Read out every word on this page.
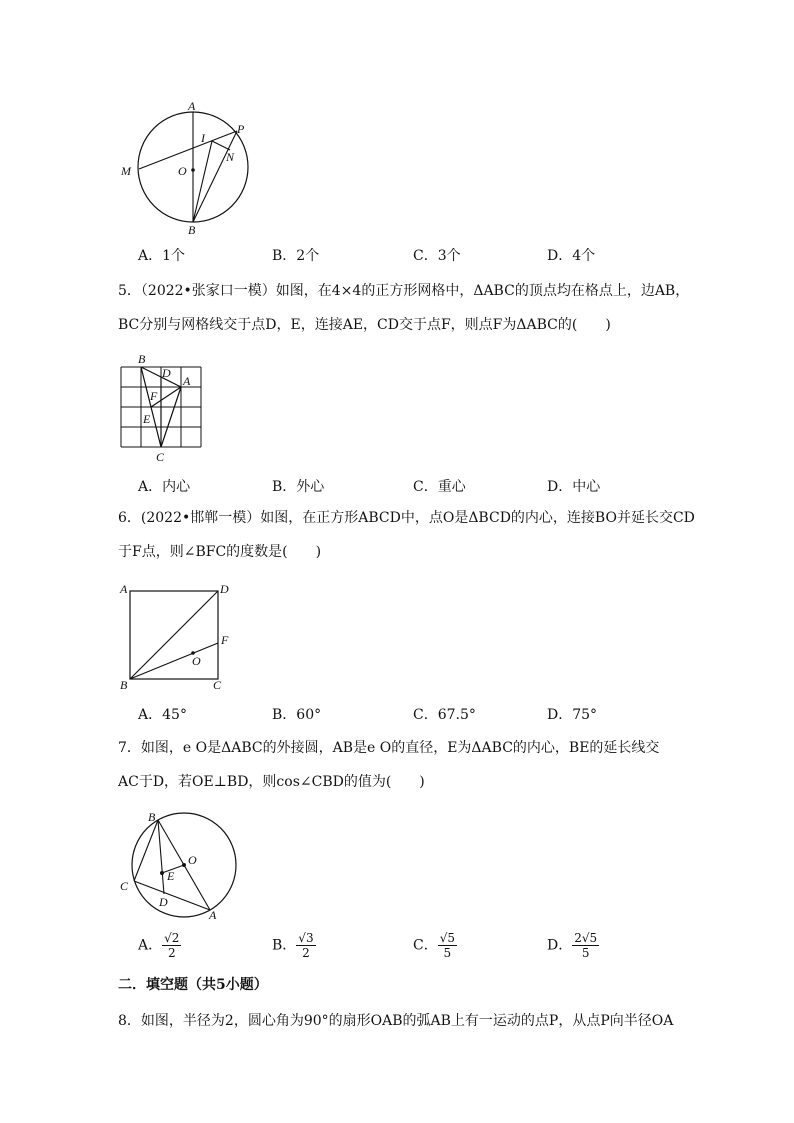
A
P
I
N
M	O
B
A．1个	B．2个	C．3个	D．4个
5．（2022•张家口一模）如图，在4×4的正方形网格中，ΔABC的顶点均在格点上，边AB，
BC分别与网格线交于点D，E，连接AE，CD交于点F，则点F为ΔABC的(　　)
B
D
A
F
E
C
A．内心	B．外心	C．重心	D．中心
6．(2022•邯郸一模）如图，在正方形ABCD中，点O是ΔBCD的内心，连接BO并延长交CD
于F点，则∠BFC的度数是(　　)
A	D
F
O
B	C
A．45°	B．60°	C．67.5°	D．75°
7．如图，e O是ΔABC的外接圆，AB是e O的直径，E为ΔABC的内心，BE的延长线交
AC于D，若OE⊥BD，则cos∠CBD的值为(　　)
B
O
E
C
D
A
A． $\frac{√2}{2}$	B． $\frac{√3}{2}$	C． $\frac{√5}{5}$	D． $\frac{2√5}{5}$
二．填空题（共5小题）
8．如图，半径为2，圆心角为90°的扇形OAB的弧AB上有一运动的点P，从点P向半径OA
